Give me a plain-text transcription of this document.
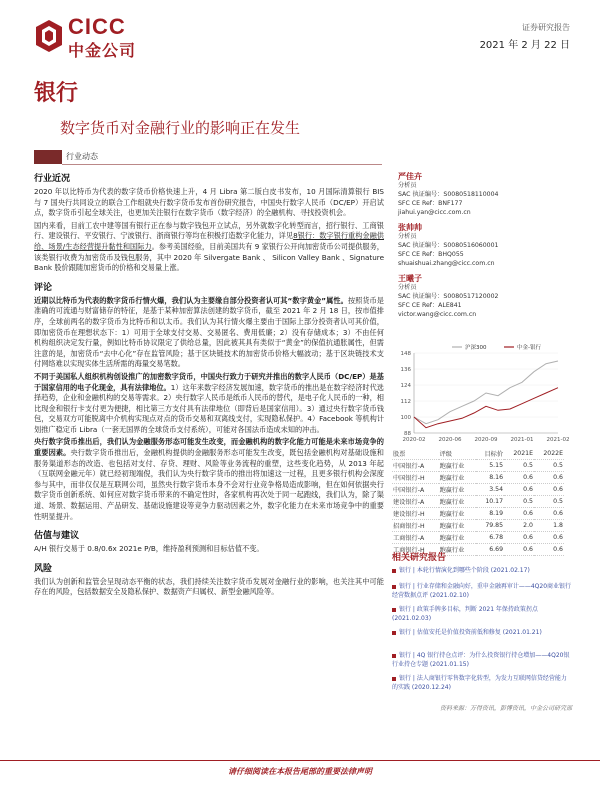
CICC
中金公司
证券研究报告
2021 年 2 月 22 日
银行
数字货币对金融行业的影响正在发生
行业动态
行业近况

2020 年以比特币为代表的数字货币价格快速上升，4 月 Libra 第二版白皮书发布，10 月国际清算银行 BIS 与 7 国央行共同设立的联合工作组就央行数字货币发布首份研究报告，中国央行数字人民币（DC/EP）开启试点，数字货币引起全球关注，也更加关注银行在数字货币（数字经济）的全融机构、寻找投资机会。

国内来看，目前工农中建等国有银行正在参与数字钱包开立试点，另外就数字化转型而言，招行银行、工商银行、建设银行、平安银行、宁波银行、浙商银行等均在积极打造数字化能力，详见8银行：数字银行重构金融供给、场景/生态经营提升黏性和国际力。参考美国经验，目前美国共有 9 家银行公开向加密货币公司提供服务，该类银行收费为加密货币及钱包服务，其中 2020 年 Silvergate Bank 、 Silicon Valley Bank 、Signature Bank 股价跟随加密货币的价格和交易量上涨。

评论

近期以比特币为代表的数字货币行情火爆，我们认为主要缘自部分投资者认可其“数字黄金”属性。按照货币是准确的可流通与财富储存的特征，是基于某种加密算法创建的数字货币，截至 2021 年 2 月 18 日，按市值排序，全球前两名的数字货币为比特币和以太币。我们认为其行情火爆主要由于国际上部分投资者认可其价值，即加密货币在理想状态下：1）可用于全球支付交易、交易匿名、费用低廉；2）没有存储成本；3）不由任何机构组织决定发行量，例如比特币协议限定了供给总量，因此被其具有类似于“黄金”的保值抗通胀属性，但需注意的是，加密货币“去中心化”存在监管风险；基于区块链技术的加密货币价格大幅波动；基于区块链技术支付网络难以实现实体生活所需的海量交易笔数。

不同于美国私人组织机构创设推广的加密数字货币，中国央行致力于研究并推出的数字人民币（DC/EP）是基于国家信用的电子化现金，具有法律地位。1）这年来数字经济发展加速，数字货币的推出是在数字经济时代选择趋势，企业和金融机构的交易等需求。2）央行数字人民币是纸币人民币的替代，是电子化人民币的一种，相比现金和银行卡支付更为便捷，相比第三方支付具有法律地位（即背后是国家信用）。3）通过央行数字货币钱包，交易双方可能脱离中介机构实现点对点的货币交易和双离线支付，实现隐私保护。4）Facebook 等机构计划推广稳定币 Libra（一套无国界的全球货币支付系统），可能对各国法币造成未知的冲击。

央行数字货币推出后，我们认为金融服务形态可能发生改变，而金融机构的数字化能力可能是未来市场竞争的重要因素。央行数字货币推出后，金融机构提供的金融服务形态可能发生改变，既包括金融机构对基础设施和服务渠道形态的改造、也包括对支付、存贷、理财、风险等业务流程的重塑，这些变化趋势，从 2013 年起（互联网金融元年）就已经初现端倪，我们认为央行数字货币的推出将加速这一过程，且更多银行机构会深度参与其中，而非仅仅是互联网公司，虽然央行数字货币本身不会对行业竞争格局造成影响，但在如何依据央行数字货币创新系统、如何应对数字货币带来的不确定性时，各家机构再次处于同一起跑线，我们认为，除了渠道、场景、数据运用、产品研发、基础设施建设等竞争力驱动因素之外，数字化能力在未来市场竞争中的重要性明显提升。

估值与建议

A/H 银行交易于 0.8/0.6x 2021e P/B，维持盈利预测和目标估值不变。

风险

我们认为创新和监管会呈现动态平衡的状态，我们持续关注数字货币发展对金融行业的影响，也关注其中可能存在的风险，包括数据安全及隐私保护、数据资产归属权、新型金融风险等。

严佳卉
分析员
SAC 执证编号：S0080518110004
SFC CE Ref：BNF177
jiahui.yan@cicc.com.cn
张帅帅
分析员
SAC 执证编号：S0080516060001
SFC CE Ref：BHQ055
shuaishuai.zhang@cicc.com.cn
王曦子
分析员
SAC 执证编号：S0080517120002
SFC CE Ref：ALE841
victor.wang@cicc.com.cn
88
100
112
124
136
148
2020-02 2020-06 2020-09 2021-01 2021-02
沪深300	中金-银行
股票	评级	目标价	2021E	2022E
中国银行-A	跑赢行业	5.15	0.5	0.5
中国银行-H	跑赢行业	8.16	0.6	0.6
中国银行-A	跑赢行业	3.54	0.6	0.6
建设银行-A	跑赢行业	10.17	0.5	0.5
建设银行-H	跑赢行业	8.19	0.6	0.6
招商银行-H	跑赢行业	79.85	2.0	1.8
工商银行-A	跑赢行业	6.78	0.6	0.6
工商银行-H	跑赢行业	6.69	0.6	0.6
相关研究报告
银行 | 本轮行情演化到哪些个阶段 (2021.02.17)
银行 | 行业存储和金融向好，重申金融再审计——4Q20商业银行经营数据点评 (2021.02.10)
银行 | 政策手牌多目标，判断 2021 年保持政策拐点 (2021.02.03)
银行 | 估值安托是价值投资前低和修复 (2021.01.21)
银行 | 4Q 银行持仓点评：为什么投资银行持仓增加——4Q20银行业持仓专题 (2021.01.15)
银行 | 法人商银行零售数字化转型，为发力互联网信贷经营能力的实践 (2020.12.24)
资料来源：万得资讯，彭博资讯，中金公司研究部
请仔细阅读在本报告尾部的重要法律声明
